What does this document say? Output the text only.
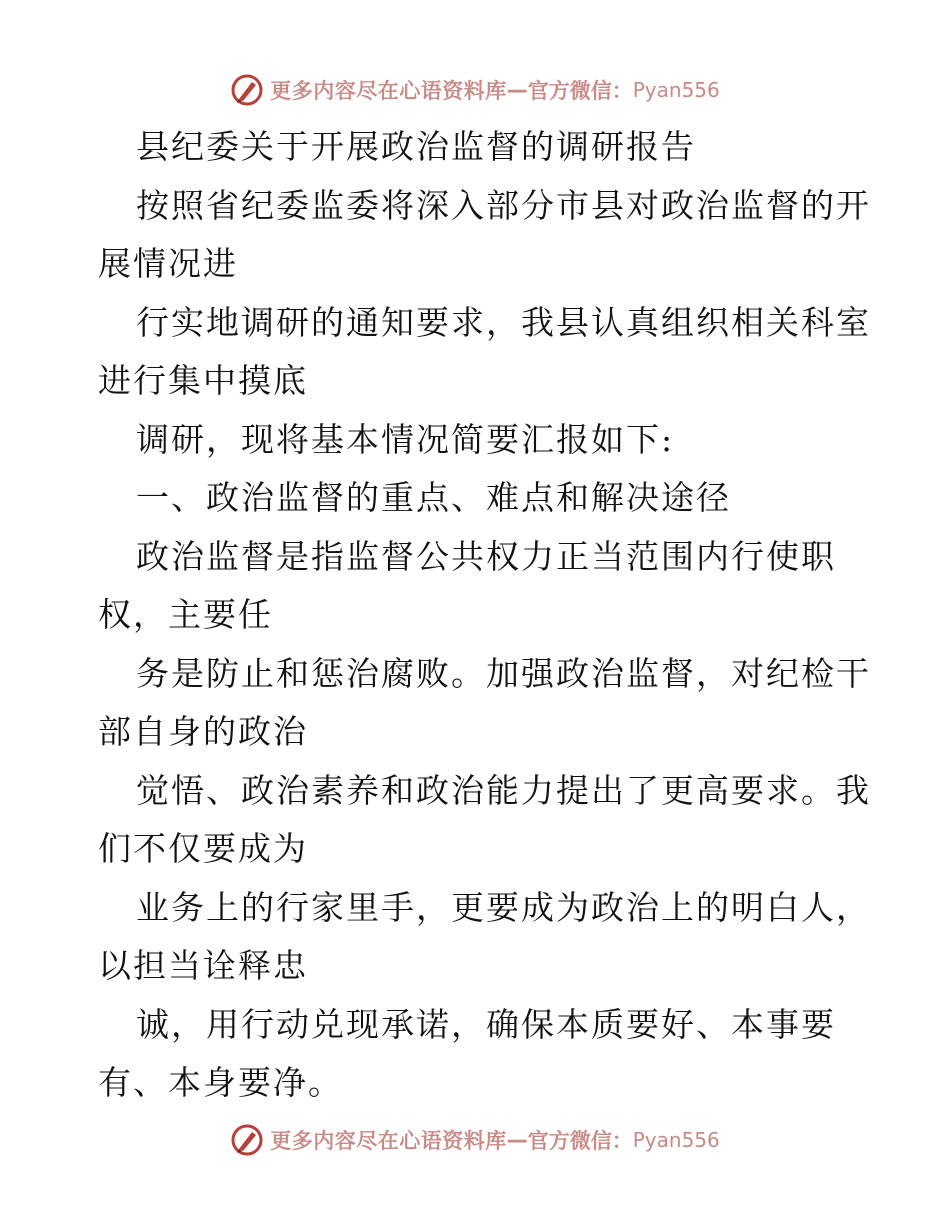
更多内容尽在心语资料库 — 官方微信： Pyan556
县纪委关于开展政治监督的调研报告
按照省纪委监委将深入部分市县对政治监督的开
展情况进
行实地调研的通知要求，我县认真组织相关科室
进行集中摸底
调研，现将基本情况简要汇报如下:
一、政治监督的重点、难点和解决途径
政治监督是指监督公共权力正当范围内行使职
权，主要任
务是防止和惩治腐败。加强政治监督，对纪检干
部自身的政治
觉悟、政治素养和政治能力提出了更高要求。我
们不仅要成为
业务上的行家里手，更要成为政治上的明白人，
以担当诠释忠
诚，用行动兑现承诺，确保本质要好、本事要
有、本身要净。
更多内容尽在心语资料库 — 官方微信： Pyan556
